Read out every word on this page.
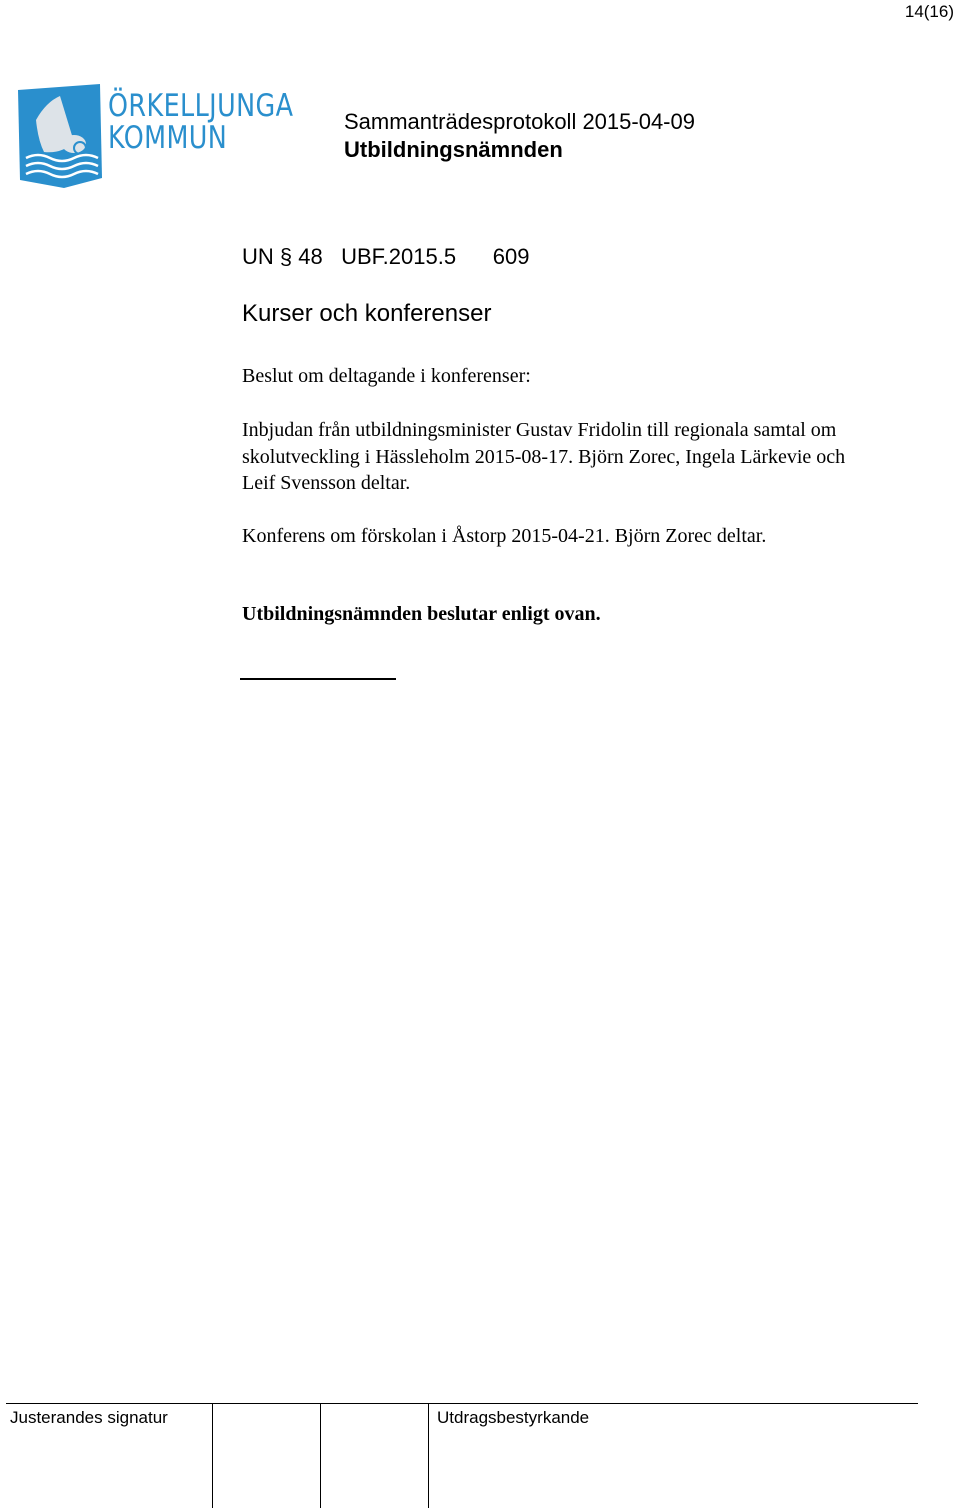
14(16)
ÖRKELLJUNGA
KOMMUN	Sammanträdesprotokoll 2015-04-09
Utbildningsnämnden
UN § 48 UBF.2015.5 609
Kurser och konferenser
Beslut om deltagande i konferenser:
Inbjudan från utbildningsminister Gustav Fridolin till regionala samtal om skolutveckling i Hässleholm 2015-08-17. Björn Zorec, Ingela Lärkevie och Leif Svensson deltar.
Konferens om förskolan i Åstorp 2015-04-21. Björn Zorec deltar.
Utbildningsnämnden beslutar enligt ovan.
Justerandes signatur	Utdragsbestyrkande
